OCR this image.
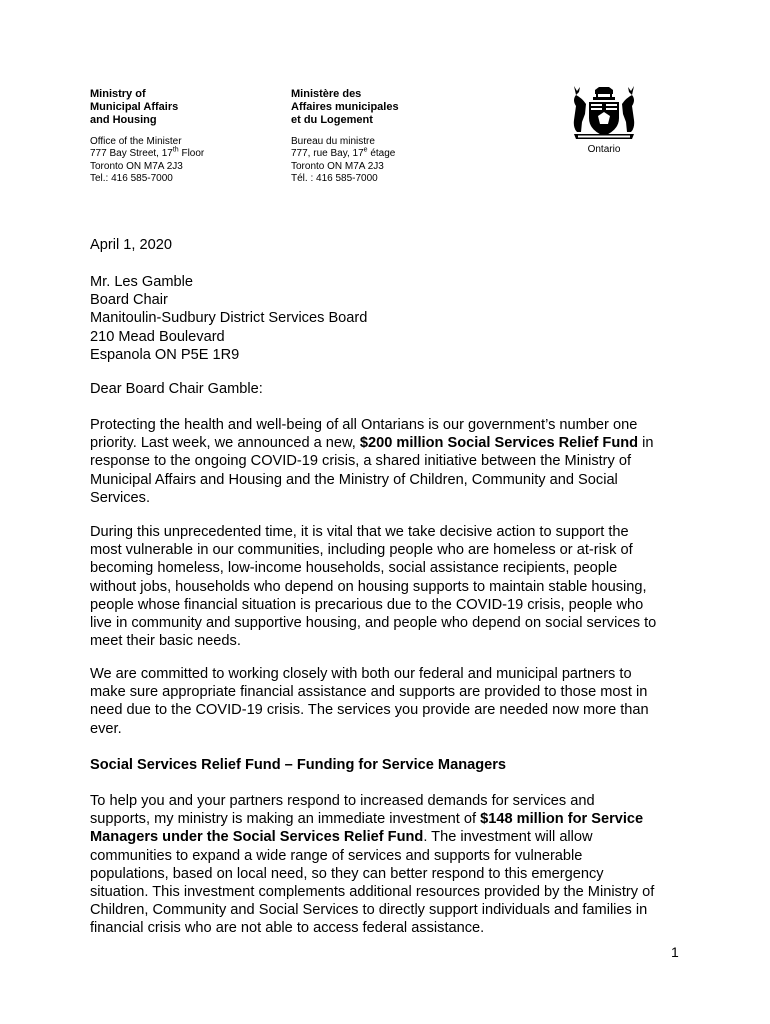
Ministry of
Municipal Affairs
and Housing
Office of the Minister
777 Bay Street, 17th Floor
Toronto ON M7A 2J3
Tel.: 416 585-7000
Ministère des
Affaires municipales
et du Logement
Bureau du ministre
777, rue Bay, 17e étage
Toronto ON M7A 2J3
Tél. : 416 585-7000
Ontario
April 1, 2020
Mr. Les Gamble
Board Chair
Manitoulin-Sudbury District Services Board
210 Mead Boulevard
Espanola ON P5E 1R9
Dear Board Chair Gamble:
Protecting the health and well-being of all Ontarians is our government’s number one
priority. Last week, we announced a new, $200 million Social Services Relief Fund in
response to the ongoing COVID-19 crisis, a shared initiative between the Ministry of
Municipal Affairs and Housing and the Ministry of Children, Community and Social
Services.
During this unprecedented time, it is vital that we take decisive action to support the
most vulnerable in our communities, including people who are homeless or at-risk of
becoming homeless, low-income households, social assistance recipients, people
without jobs, households who depend on housing supports to maintain stable housing,
people whose financial situation is precarious due to the COVID-19 crisis, people who
live in community and supportive housing, and people who depend on social services to
meet their basic needs.
We are committed to working closely with both our federal and municipal partners to
make sure appropriate financial assistance and supports are provided to those most in
need due to the COVID-19 crisis. The services you provide are needed now more than
ever.
Social Services Relief Fund – Funding for Service Managers
To help you and your partners respond to increased demands for services and
supports, my ministry is making an immediate investment of $148 million for Service
Managers under the Social Services Relief Fund. The investment will allow
communities to expand a wide range of services and supports for vulnerable
populations, based on local need, so they can better respond to this emergency
situation. This investment complements additional resources provided by the Ministry of
Children, Community and Social Services to directly support individuals and families in
financial crisis who are not able to access federal assistance.
1
